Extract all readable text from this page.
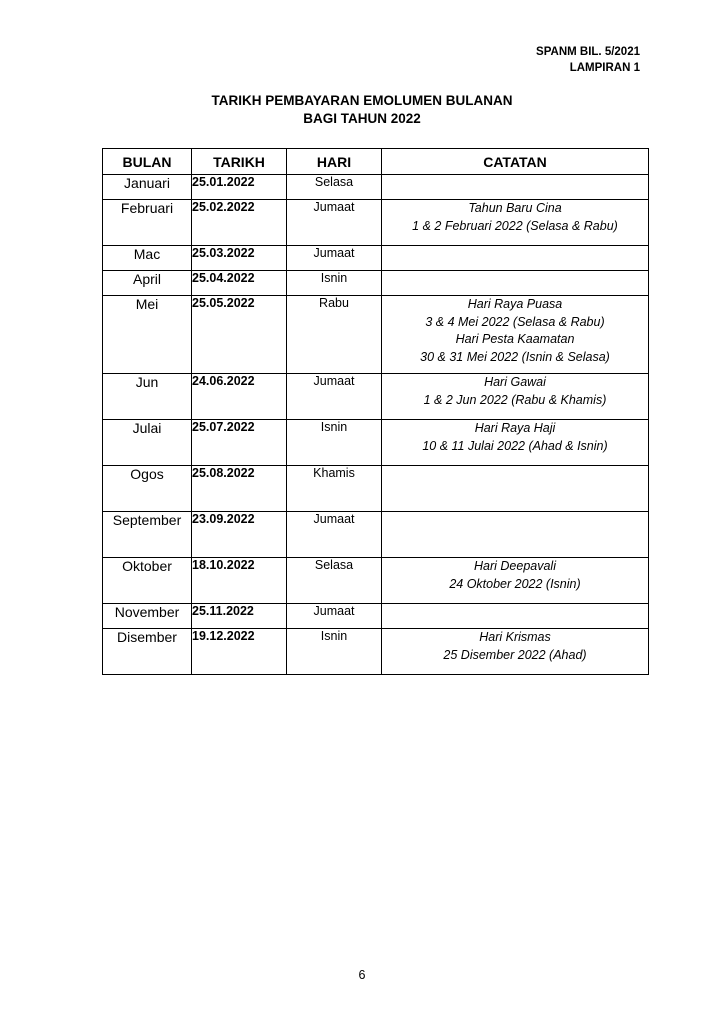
SPANM BIL. 5/2021
LAMPIRAN 1
TARIKH PEMBAYARAN EMOLUMEN BULANAN
BAGI TAHUN 2022
BULAN	TARIKH	HARI	CATATAN
Januari	25.01.2022	Selasa	
Februari	25.02.2022	Jumaat	Tahun Baru Cina
1 & 2 Februari 2022 (Selasa & Rabu)

Mac	25.03.2022	Jumaat	
April	25.04.2022	Isnin	
Mei	25.05.2022	Rabu	Hari Raya Puasa
3 & 4 Mei 2022 (Selasa & Rabu)
Hari Pesta Kaamatan
30 & 31 Mei 2022 (Isnin & Selasa)

Jun	24.06.2022	Jumaat	Hari Gawai
1 & 2 Jun 2022 (Rabu & Khamis)

Julai	25.07.2022	Isnin	Hari Raya Haji
10 & 11 Julai 2022 (Ahad & Isnin)

Ogos	25.08.2022	Khamis	
September	23.09.2022	Jumaat	
Oktober	18.10.2022	Selasa	Hari Deepavali
24 Oktober 2022 (Isnin)

November	25.11.2022	Jumaat	
Disember	19.12.2022	Isnin	Hari Krismas
25 Disember 2022 (Ahad)
6
